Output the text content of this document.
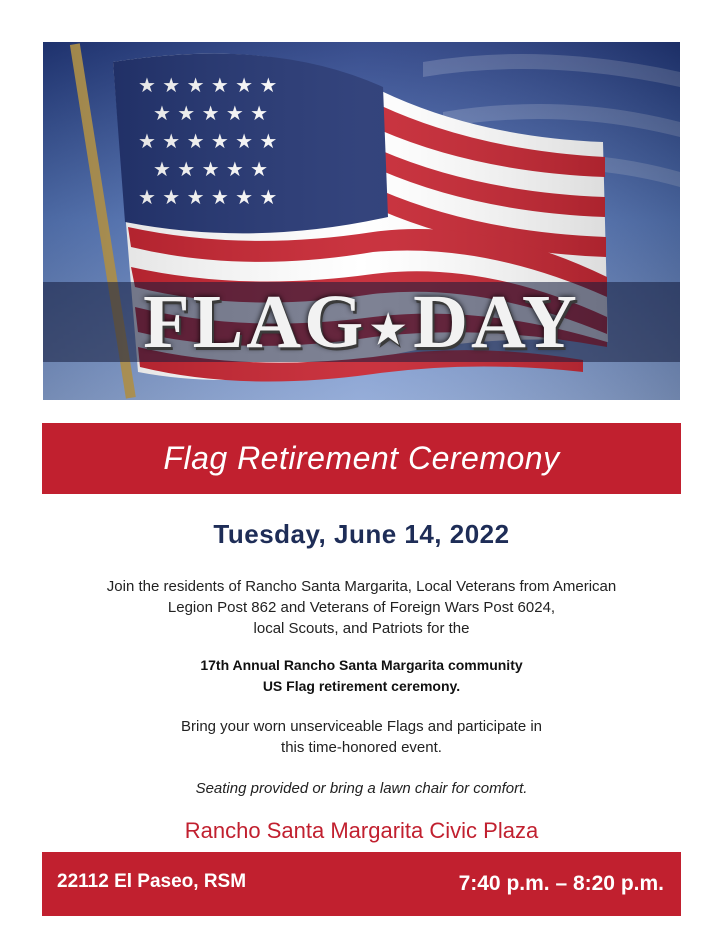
FLAG ★DAY
Flag Retirement Ceremony
Tuesday, June 14, 2022
Join the residents of Rancho Santa Margarita, Local Veterans from American
Legion Post 862 and Veterans of Foreign Wars Post 6024,
local Scouts, and Patriots for the
17th Annual Rancho Santa Margarita community
US Flag retirement ceremony.
Bring your worn unserviceable Flags and participate in
this time-honored event.
Seating provided or bring a lawn chair for comfort.
Rancho Santa Margarita Civic Plaza
22112 El Paseo, RSM	7:40 p.m. – 8:20 p.m.
